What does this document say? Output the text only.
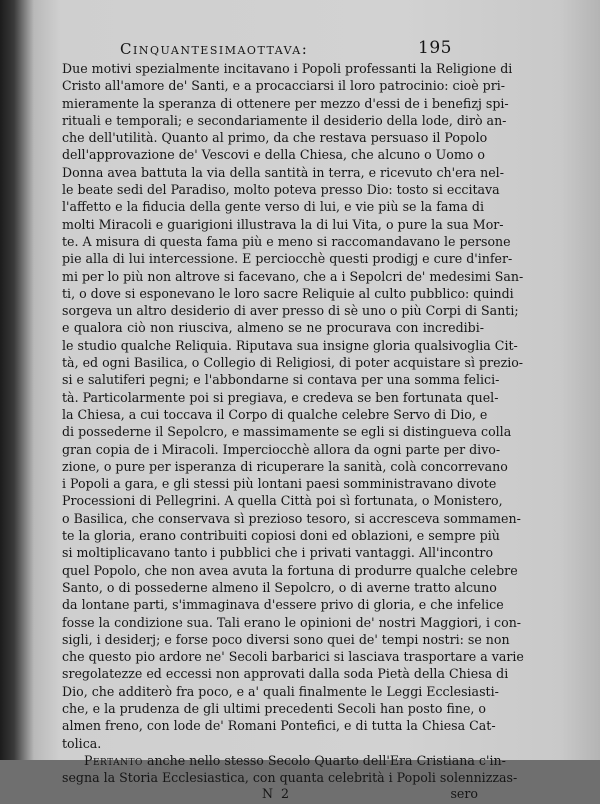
Cinquantesimaottava:	195
Due motivi spezialmente incitavano i Popoli professanti la Religione di
Cristo all'amore de' Santi, e a procacciarsi il loro patrocinio: cioè pri-
mieramente la speranza di ottenere per mezzo d'essi de i benefizj spi-
rituali e temporali; e secondariamente il desiderio della lode, dirò an-
che dell'utilità. Quanto al primo, da che restava persuaso il Popolo
dell'approvazione de' Vescovi e della Chiesa, che alcuno o Uomo o
Donna avea battuta la via della santità in terra, e ricevuto ch'era nel-
le beate sedi del Paradiso, molto poteva presso Dio: tosto si eccitava
l'affetto e la fiducia della gente verso di lui, e vie più se la fama di
molti Miracoli e guarigioni illustrava la di lui Vita, o pure la sua Mor-
te. A misura di questa fama più e meno si raccomandavano le persone
pie alla di lui intercessione. E perciocchè questi prodigj e cure d'infer-
mi per lo più non altrove si facevano, che a i Sepolcri de' medesimi San-
ti, o dove si esponevano le loro sacre Reliquie al culto pubblico: quindi
sorgeva un altro desiderio di aver presso di sè uno o più Corpi di Santi;
e qualora ciò non riusciva, almeno se ne procurava con incredibi-
le studio qualche Reliquia. Riputava sua insigne gloria qualsivoglia Cit-
tà, ed ogni Basilica, o Collegio di Religiosi, di poter acquistare sì prezio-
si e salutiferi pegni; e l'abbondarne si contava per una somma felici-
tà. Particolarmente poi si pregiava, e credeva se ben fortunata quel-
la Chiesa, a cui toccava il Corpo di qualche celebre Servo di Dio, e
di possederne il Sepolcro, e massimamente se egli si distingueva colla
gran copia de i Miracoli. Imperciocchè allora da ogni parte per divo-
zione, o pure per isperanza di ricuperare la sanità, colà concorrevano
i Popoli a gara, e gli stessi più lontani paesi somministravano divote
Processioni di Pellegrini. A quella Città poi sì fortunata, o Monistero,
o Basilica, che conservava sì prezioso tesoro, si accresceva sommamen-
te la gloria, erano contribuiti copiosi doni ed oblazioni, e sempre più
si moltiplicavano tanto i pubblici che i privati vantaggi. All'incontro
quel Popolo, che non avea avuta la fortuna di produrre qualche celebre
Santo, o di possederne almeno il Sepolcro, o di averne tratto alcuno
da lontane parti, s'immaginava d'essere privo di gloria, e che infelice
fosse la condizione sua. Tali erano le opinioni de' nostri Maggiori, i con-
sigli, i desiderj; e forse poco diversi sono quei de' tempi nostri: se non
che questo pio ardore ne' Secoli barbarici si lasciava trasportare a varie
sregolatezze ed eccessi non approvati dalla soda Pietà della Chiesa di
Dio, che additerò fra poco, e a' quali finalmente le Leggi Ecclesiasti-
che, e la prudenza de gli ultimi precedenti Secoli han posto fine, o
almen freno, con lode de' Romani Pontefici, e di tutta la Chiesa Cat-
tolica.
Pertanto anche nello stesso Secolo Quarto dell'Era Cristiana c'in-
segna la Storia Ecclesiastica, con quanta celebrità i Popoli solennizzas-
N 2	sero
